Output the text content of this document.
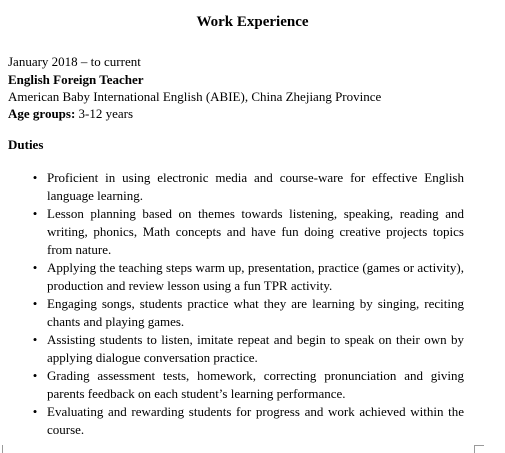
Work Experience
January 2018 – to current
English Foreign Teacher
American Baby International English (ABIE), China Zhejiang Province
Age groups: 3-12 years
Duties
• Proficient in using electronic media and course-ware for effective English language learning.
• Lesson planning based on themes towards listening, speaking, reading and writing, phonics, Math concepts and have fun doing creative projects topics from nature.
• Applying the teaching steps warm up, presentation, practice (games or activity), production and review lesson using a fun TPR activity.
• Engaging songs, students practice what they are learning by singing, reciting chants and playing games.
• Assisting students to listen, imitate repeat and begin to speak on their own by applying dialogue conversation practice.
• Grading assessment tests, homework, correcting pronunciation and giving parents feedback on each student’s learning performance.
• Evaluating and rewarding students for progress and work achieved within the course.
